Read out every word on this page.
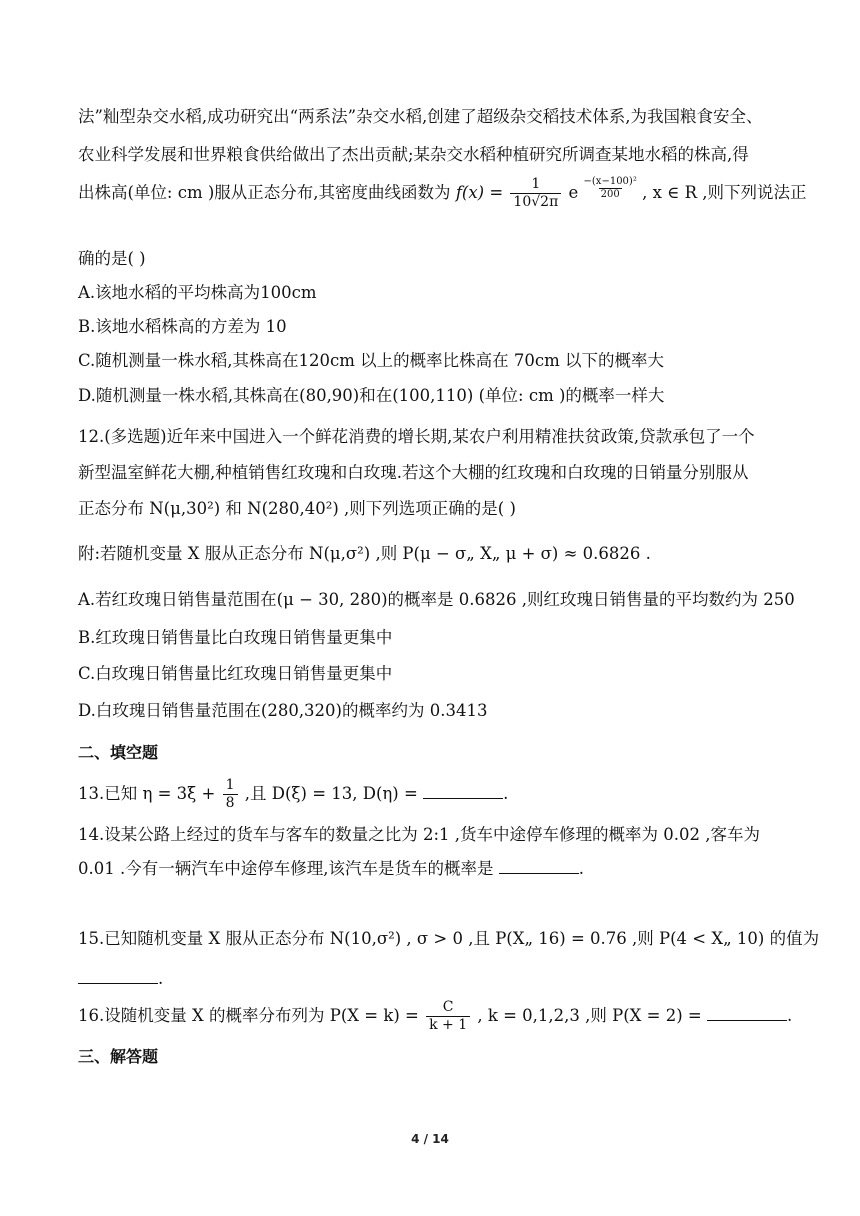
法”籼型杂交水稻,成功研究出“两系法”杂交水稻,创建了超级杂交稻技术体系,为我国粮食安全、
农业科学发展和世界粮食供给做出了杰出贡献;某杂交水稻种植研究所调查某地水稻的株高,得
出株高(单位: cm )服从正态分布,其密度曲线函数为 $f(x) = \frac{1}{10√2\pi}$ e $\frac{\text{−(x−100)²}}{200}$ , x ∈ R ,则下列说法正
确的是( )
A.该地水稻的平均株高为100cm
B.该地水稻株高的方差为 10
C.随机测量一株水稻,其株高在120cm 以上的概率比株高在 70cm 以下的概率大
D.随机测量一株水稻,其株高在(80,90)和在(100,110) (单位: cm )的概率一样大
12.(多选题)近年来中国进入一个鲜花消费的增长期,某农户利用精准扶贫政策,贷款承包了一个
新型温室鲜花大棚,种植销售红玫瑰和白玫瑰.若这个大棚的红玫瑰和白玫瑰的日销量分别服从
正态分布 N(μ,30²) 和 N(280,40²) ,则下列选项正确的是( )
附:若随机变量 X 服从正态分布 N(μ,σ²) ,则 P(μ − σ„ X„ μ + σ) ≈ 0.6826 .
A.若红玫瑰日销售量范围在(μ − 30, 280)的概率是 0.6826 ,则红玫瑰日销售量的平均数约为 250
B.红玫瑰日销售量比白玫瑰日销售量更集中
C.白玫瑰日销售量比红玫瑰日销售量更集中
D.白玫瑰日销售量范围在(280,320)的概率约为 0.3413
二、填空题
13.已知 $\eta = 3\xi + \frac{1}{8}$ ,且 D(ξ) = 13, D(η) =	.
14.设某公路上经过的货车与客车的数量之比为 2:1 ,货车中途停车修理的概率为 0.02 ,客车为
0.01 .今有一辆汽车中途停车修理,该汽车是货车的概率是	.
15.已知随机变量 X 服从正态分布 N(10,σ²) , σ > 0 ,且 P(X„ 16) = 0.76 ,则 P(4 < X„ 10) 的值为
.
16.设随机变量 X 的概率分布列为 $P(X = k) = \frac{C}{k + 1}$ , k = 0,1,2,3 ,则 P(X = 2) =	.
三、解答题
4 / 14
